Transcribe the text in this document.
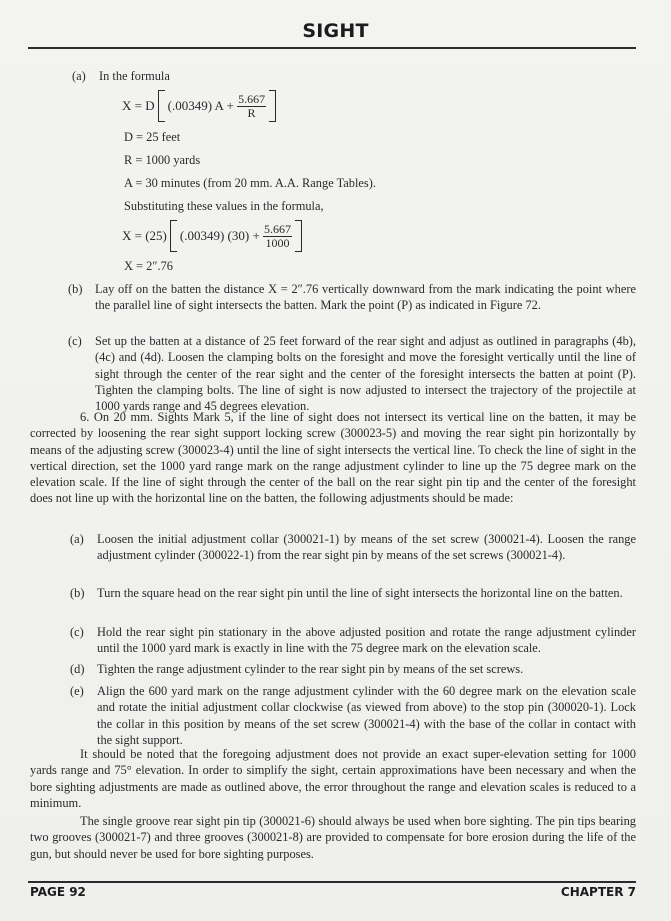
SIGHT
(a) In the formula
X = D (.00349) $A + \frac{5.667}{R}$
D = 25 feet
R = 1000 yards
A = 30 minutes (from 20 mm. A.A. Range Tables).
Substituting these values in the formula,
X = (25) (.00349) $(30) + \frac{5.667}{1000}$
X = 2″.76
(b) Lay off on the batten the distance X = 2″.76 vertically downward from the mark indicating the point where the parallel line of sight intersects the batten. Mark the point (P) as indicated in Figure 72.
(c) Set up the batten at a distance of 25 feet forward of the rear sight and adjust as outlined in paragraphs (4b), (4c) and (4d). Loosen the clamping bolts on the foresight and move the foresight vertically until the line of sight through the center of the rear sight and the center of the foresight intersects the batten at point (P). Tighten the clamping bolts. The line of sight is now adjusted to intersect the trajectory of the projectile at 1000 yards range and 45 degrees elevation.
6. On 20 mm. Sights Mark 5, if the line of sight does not intersect its vertical line on the batten, it may be corrected by loosening the rear sight support locking screw (300023-5) and moving the rear sight pin horizontally by means of the adjusting screw (300023-4) until the line of sight intersects the vertical line. To check the line of sight in the vertical direction, set the 1000 yard range mark on the range adjustment cylinder to line up the 75 degree mark on the elevation scale. If the line of sight through the center of the ball on the rear sight pin tip and the center of the foresight does not line up with the horizontal line on the batten, the following adjustments should be made:
(a) Loosen the initial adjustment collar (300021-1) by means of the set screw (300021-4). Loosen the range adjustment cylinder (300022-1) from the rear sight pin by means of the set screws (300021-4).
(b) Turn the square head on the rear sight pin until the line of sight intersects the horizontal line on the batten.
(c) Hold the rear sight pin stationary in the above adjusted position and rotate the range adjustment cylinder until the 1000 yard mark is exactly in line with the 75 degree mark on the elevation scale.
(d) Tighten the range adjustment cylinder to the rear sight pin by means of the set screws.
(e) Align the 600 yard mark on the range adjustment cylinder with the 60 degree mark on the elevation scale and rotate the initial adjustment collar clockwise (as viewed from above) to the stop pin (300020-1). Lock the collar in this position by means of the set screw (300021-4) with the base of the collar in contact with the sight support.
It should be noted that the foregoing adjustment does not provide an exact super-elevation setting for 1000 yards range and 75° elevation. In order to simplify the sight, certain approximations have been necessary and when the bore sighting adjustments are made as outlined above, the error throughout the range and elevation scales is reduced to a minimum.
The single groove rear sight pin tip (300021-6) should always be used when bore sighting. The pin tips bearing two grooves (300021-7) and three grooves (300021-8) are provided to compensate for bore erosion during the life of the gun, but should never be used for bore sighting purposes.
PAGE 92	CHAPTER 7
